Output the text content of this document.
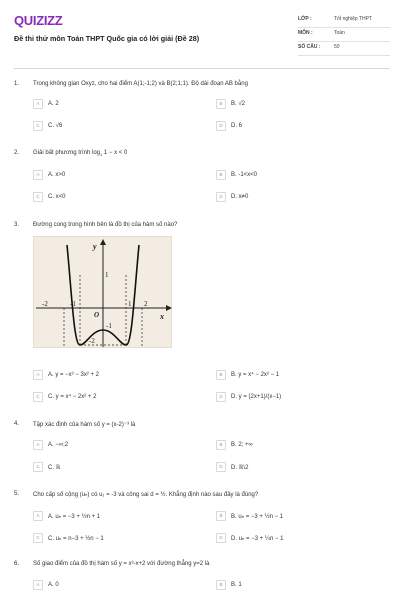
QUIZIZZ
Đề thi thử môn Toán THPT Quốc gia có lời giải (Đề 28)
LỚP :	Tốt nghiệp THPT
MÔN :	Toán
SỐ CÂU :	50
1. Trong không gian Oxyz, cho hai điểm A(1;-1;2) và B(2;1;1). Độ dài đoạn AB bằng
A	A. 2	B	B. √2
C	C. √6	D	D. 6
2. Giải bất phương trình $\log_1 1 - x < 0$
A	A. x>0	B	B. -1<x<0
C	C. x<0	D	D. x≠0
3. Đường cong trong hình bên là đồ thị của hàm số nào?
-2	-1
O
1 2
1
-1
-2
x
y
A	A. y = −x³ − 3x² + 2	B	B. y = x⁴ − 2x² − 1
C	C. y = x⁴ − 2x² + 2	D	D. y = (2x+1)/(x−1)
4. Tập xác định của hàm số y = (x-2)⁻³ là
A	A. −∞;2	B	B. 2; +∞
C	C. ℝ	D	D. ℝ\2
5. Cho cấp số cộng (uₙ) có u₁ = -3 và công sai d = ½. Khẳng định nào sau đây là đúng?
A	A. uₙ = −3 + ½n + 1	B	B. uₙ = −3 + ½n − 1
C	C. uₙ = n−3 + ½n − 1	D	D. uₙ = −3 + ¼n − 1
6. Số giao điểm của đồ thị hàm số y = x³-x+2 với đường thẳng y=2 là
A	A. 0	B	B. 1
